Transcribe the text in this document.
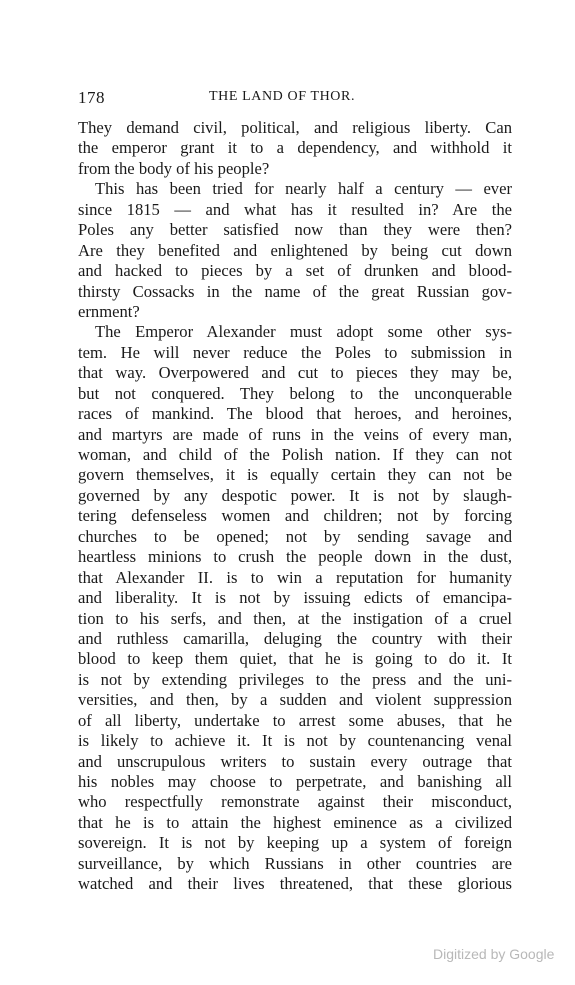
178	THE LAND OF THOR.
They demand civil, political, and religious liberty. Can
the emperor grant it to a dependency, and withhold it
from the body of his people?
This has been tried for nearly half a century — ever
since 1815 — and what has it resulted in? Are the
Poles any better satisfied now than they were then?
Are they benefited and enlightened by being cut down
and hacked to pieces by a set of drunken and blood-
thirsty Cossacks in the name of the great Russian gov-
ernment?
The Emperor Alexander must adopt some other sys-
tem. He will never reduce the Poles to submission in
that way. Overpowered and cut to pieces they may be,
but not conquered. They belong to the unconquerable
races of mankind. The blood that heroes, and heroines,
and martyrs are made of runs in the veins of every man,
woman, and child of the Polish nation. If they can not
govern themselves, it is equally certain they can not be
governed by any despotic power. It is not by slaugh-
tering defenseless women and children; not by forcing
churches to be opened; not by sending savage and
heartless minions to crush the people down in the dust,
that Alexander II. is to win a reputation for humanity
and liberality. It is not by issuing edicts of emancipa-
tion to his serfs, and then, at the instigation of a cruel
and ruthless camarilla, deluging the country with their
blood to keep them quiet, that he is going to do it. It
is not by extending privileges to the press and the uni-
versities, and then, by a sudden and violent suppression
of all liberty, undertake to arrest some abuses, that he
is likely to achieve it. It is not by countenancing venal
and unscrupulous writers to sustain every outrage that
his nobles may choose to perpetrate, and banishing all
who respectfully remonstrate against their misconduct,
that he is to attain the highest eminence as a civilized
sovereign. It is not by keeping up a system of foreign
surveillance, by which Russians in other countries are
watched and their lives threatened, that these glorious
Digitized by Google
